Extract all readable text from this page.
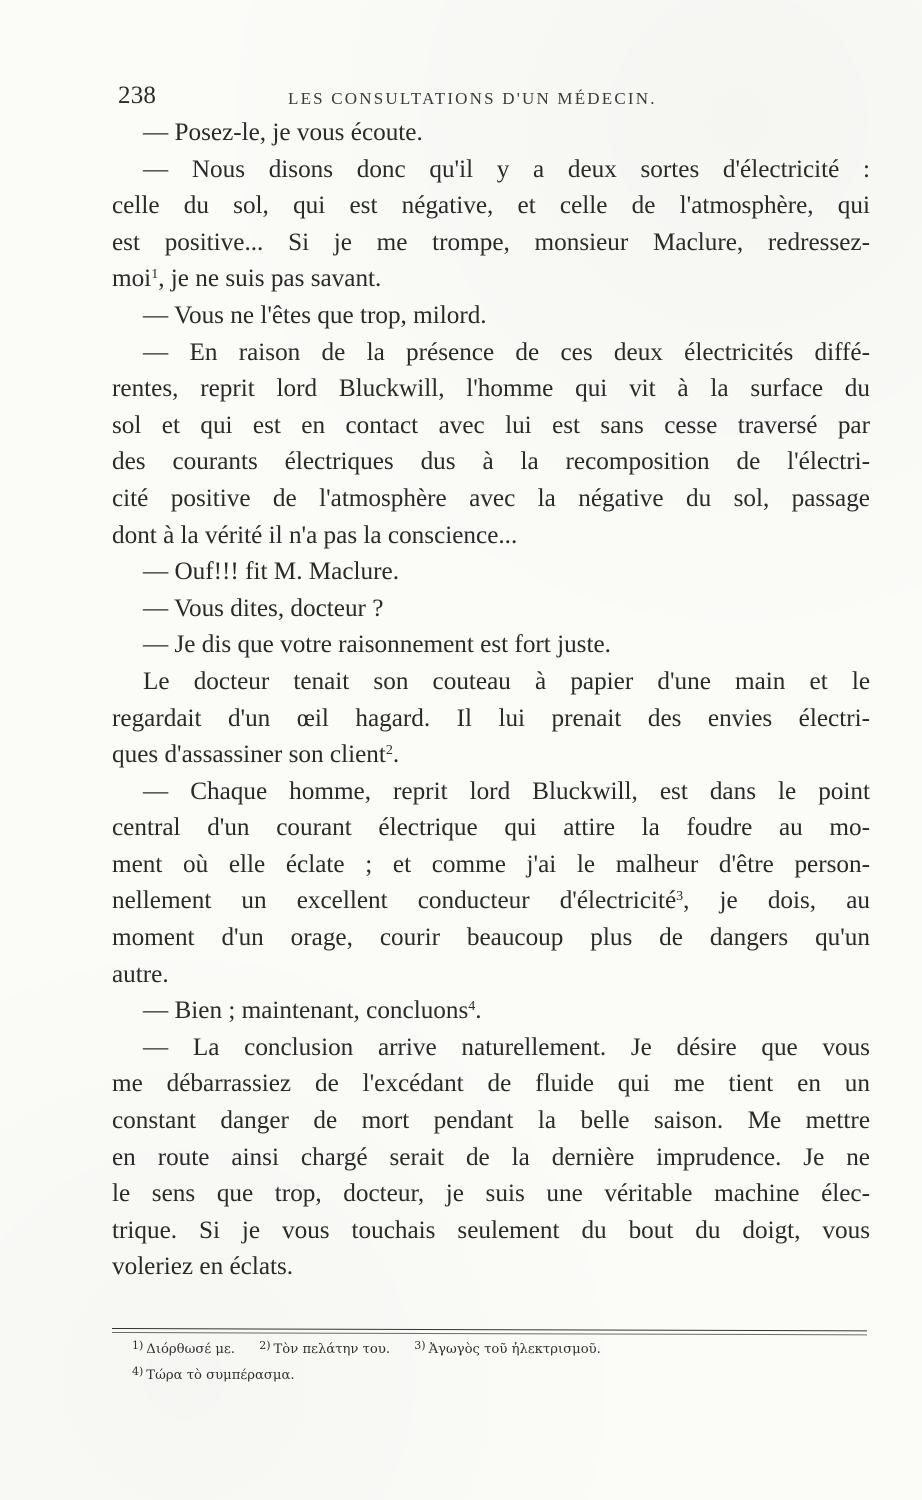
238	LES CONSULTATIONS D'UN MÉDECIN.
— Posez-le, je vous écoute.
— Nous disons donc qu'il y a deux sortes d'électricité :
celle du sol, qui est négative, et celle de l'atmosphère, qui
est positive... Si je me trompe, monsieur Maclure, redressez-
moi$^1$, je ne suis pas savant.
— Vous ne l'êtes que trop, milord.
— En raison de la présence de ces deux électricités diffé-
rentes, reprit lord Bluckwill, l'homme qui vit à la surface du
sol et qui est en contact avec lui est sans cesse traversé par
des courants électriques dus à la recomposition de l'électri-
cité positive de l'atmosphère avec la négative du sol, passage
dont à la vérité il n'a pas la conscience...
— Ouf!!! fit M. Maclure.
— Vous dites, docteur ?
— Je dis que votre raisonnement est fort juste.
Le docteur tenait son couteau à papier d'une main et le
regardait d'un œil hagard. Il lui prenait des envies électri-
ques d'assassiner son client$^2$.
— Chaque homme, reprit lord Bluckwill, est dans le point
central d'un courant électrique qui attire la foudre au mo-
ment où elle éclate ; et comme j'ai le malheur d'être person-
nellement un excellent conducteur d'électricité$^3$, je dois, au
moment d'un orage, courir beaucoup plus de dangers qu'un
autre.
— Bien ; maintenant, concluons$^4$.
— La conclusion arrive naturellement. Je désire que vous
me débarrassiez de l'excédant de fluide qui me tient en un
constant danger de mort pendant la belle saison. Me mettre
en route ainsi chargé serait de la dernière imprudence. Je ne
le sens que trop, docteur, je suis une véritable machine élec-
trique. Si je vous touchais seulement du bout du doigt, vous
voleriez en éclats.
$^{1)}$ Διόρθωσέ με. $^{2)}$ Τὸν πελάτην του. $^{3)}$ Ἀγωγὸς τοῦ ἠλεκτρισμοῦ.
$^{4)}$ Τώρα τὸ συμπέρασμα.
